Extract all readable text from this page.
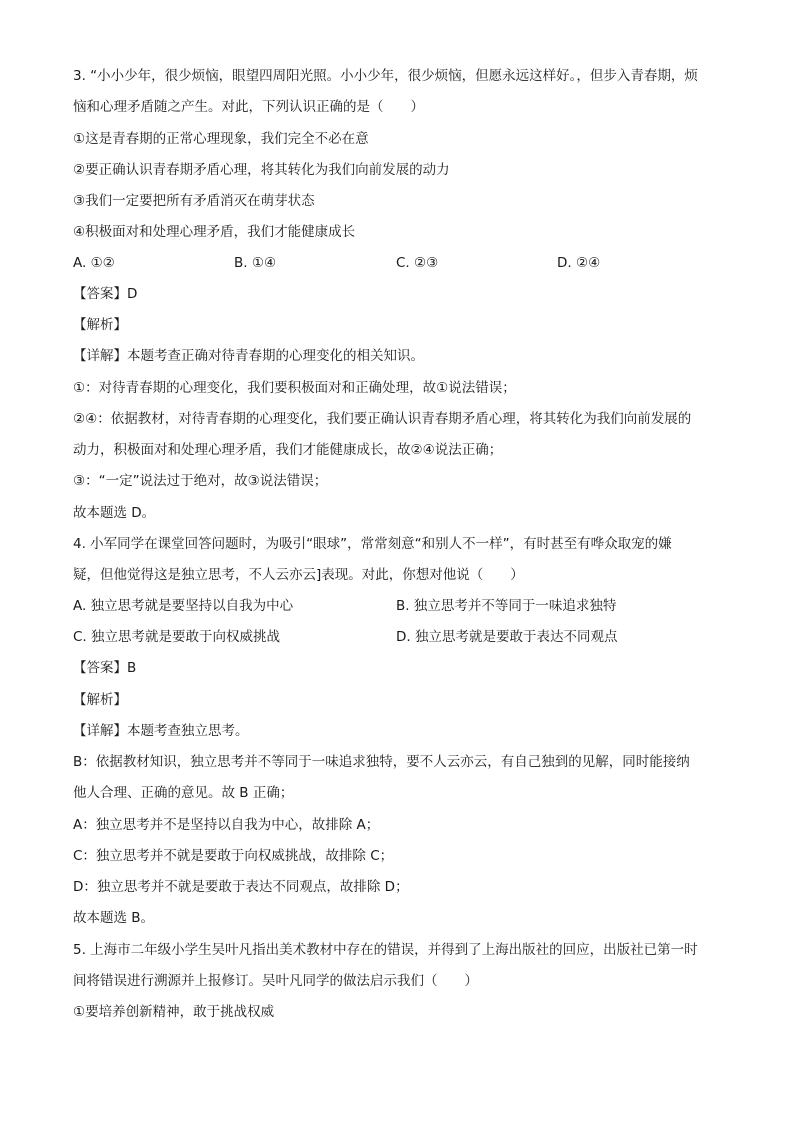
3. “小小少年，很少烦恼，眼望四周阳光照。小小少年，很少烦恼，但愿永远这样好。，但步入青春期，烦
恼和心理矛盾随之产生。对此，下列认识正确的是（　　）
①这是青春期的正常心理现象，我们完全不必在意
②要正确认识青春期矛盾心理，将其转化为我们向前发展的动力
③我们一定要把所有矛盾消灭在萌芽状态
④积极面对和处理心理矛盾，我们才能健康成长
A. ①②	B. ①④	C. ②③	D. ②④
【答案】D
【解析】
【详解】本题考查正确对待青春期的心理变化的相关知识。
①：对待青春期的心理变化，我们要积极面对和正确处理，故①说法错误；
②④：依据教材，对待青春期的心理变化，我们要正确认识青春期矛盾心理，将其转化为我们向前发展的
动力，积极面对和处理心理矛盾，我们才能健康成长，故②④说法正确；
③：“一定”说法过于绝对，故③说法错误；
故本题选 D。
4. 小军同学在课堂回答问题时，为吸引“眼球”，常常刻意“和别人不一样”，有时甚至有哗众取宠的嫌
疑，但他觉得这是独立思考，不人云亦云]表现。对此，你想对他说（　　）
A. 独立思考就是要坚持以自我为中心	B. 独立思考并不等同于一味追求独特
C. 独立思考就是要敢于向权威挑战	D. 独立思考就是要敢于表达不同观点
【答案】B
【解析】
【详解】本题考查独立思考。
B：依据教材知识，独立思考并不等同于一味追求独特，要不人云亦云，有自己独到的见解，同时能接纳
他人合理、正确的意见。故 B 正确；
A：独立思考并不是坚持以自我为中心，故排除 A；
C：独立思考并不就是要敢于向权威挑战，故排除 C；
D：独立思考并不就是要敢于表达不同观点，故排除 D；
故本题选 B。
5. 上海市二年级小学生吴叶凡指出美术教材中存在的错误，并得到了上海出版社的回应，出版社已第一时
间将错误进行溯源并上报修订。吴叶凡同学的做法启示我们（　　）
①要培养创新精神，敢于挑战权威
